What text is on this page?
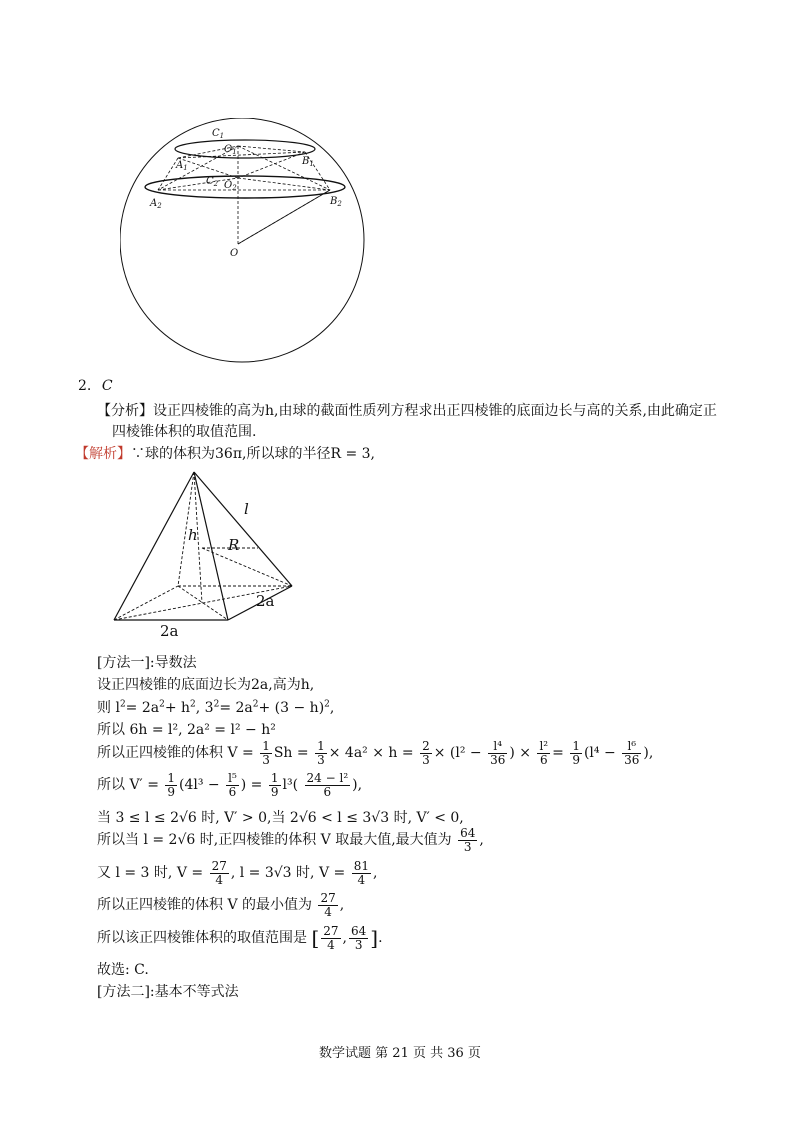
$C_1$
$O_1$
$A_1$
$B_1$
$C_2$ $O_2$
$A_2$	$B_2$
O
2. C
【分析】设正四棱锥的高为h,由球的截面性质列方程求出正四棱锥的底面边长与高的关系,由此确定正
四棱锥体积的取值范围.
【解析】∵球的体积为36π,所以球的半径R = 3,
l
h
R
2a
2a
[方法一]:导数法
设正四棱锥的底面边长为2a,高为h,
则 $l^2= 2a^2+ h^2$, $3^2= 2a^2+ (3 - h)^2$,
所以 6h = l², 2a² = l² − h²
所以正四棱锥的体积 $V = \frac{1}{3}$ $Sh = \frac{1}{3} \times 4a^2 \times h = \frac{2}{3} \times (l^2 - \frac{\text{l⁴}}{36}$ ) × $\frac{\text{l²}}{6} = \frac{1}{9} (l^4 - \frac{\text{l⁶}}{36}$ ),
所以 $V' = \frac{1}{9} (4l^3 - \frac{\text{l⁵}}{6}$ ) = $\frac{1}{9} l^3( \frac{\text{24 − l²}}{6}$ ),
当 3 ≤ l ≤ 2√6 时, V′ > 0,当 2√6 < l ≤ 3√3 时, V′ < 0,
所以当 l = 2√6 时,正四棱锥的体积 V 取最大值,最大值为 $\frac{64}{3}$ ,
又 l = 3 时, $V = \frac{27}{4}$ , l = 3√3 时, $V = \frac{81}{4}$ ,
所以正四棱锥的体积 V 的最小值为 $\frac{27}{4}$ ,
所以该正四棱锥体积的取值范围是 [ $\frac{27}{4}$ , $\frac{64}{3}$ ].
故选: C.
[方法二]:基本不等式法
数学试题 第 21 页 共 36 页
